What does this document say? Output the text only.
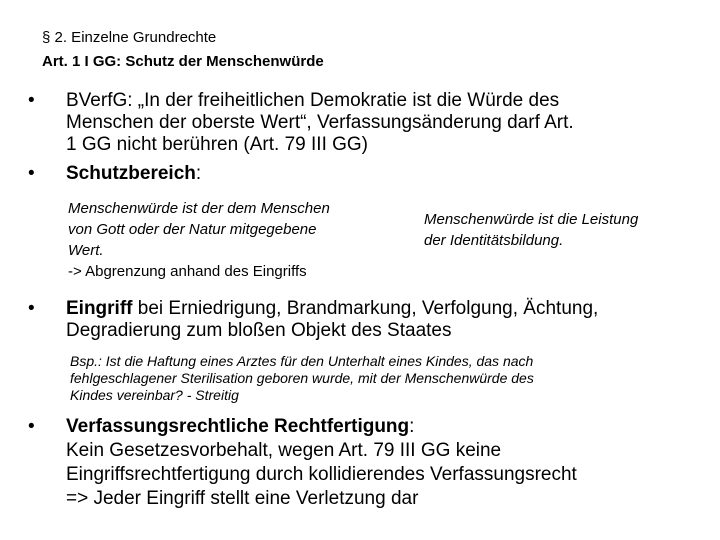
§ 2. Einzelne Grundrechte
Art. 1 I GG: Schutz der Menschenwürde
•	BVerfG: „In der freiheitlichen Demokratie ist die Würde des
Menschen der oberste Wert“, Verfassungsänderung darf Art.
1 GG nicht berühren (Art. 79 III GG)
•	Schutzbereich:
Menschenwürde ist der dem Menschen
von Gott oder der Natur mitgegebene
Wert.
-> Abgrenzung anhand des Eingriffs
Menschenwürde ist die Leistung
der Identitätsbildung.
•	Eingriff bei Erniedrigung, Brandmarkung, Verfolgung, Ächtung,
Degradierung zum bloßen Objekt des Staates
Bsp.: Ist die Haftung eines Arztes für den Unterhalt eines Kindes, das nach
fehlgeschlagener Sterilisation geboren wurde, mit der Menschenwürde des
Kindes vereinbar? - Streitig
•	Verfassungsrechtliche Rechtfertigung:
Kein Gesetzesvorbehalt, wegen Art. 79 III GG keine
Eingriffsrechtfertigung durch kollidierendes Verfassungsrecht
=> Jeder Eingriff stellt eine Verletzung dar
